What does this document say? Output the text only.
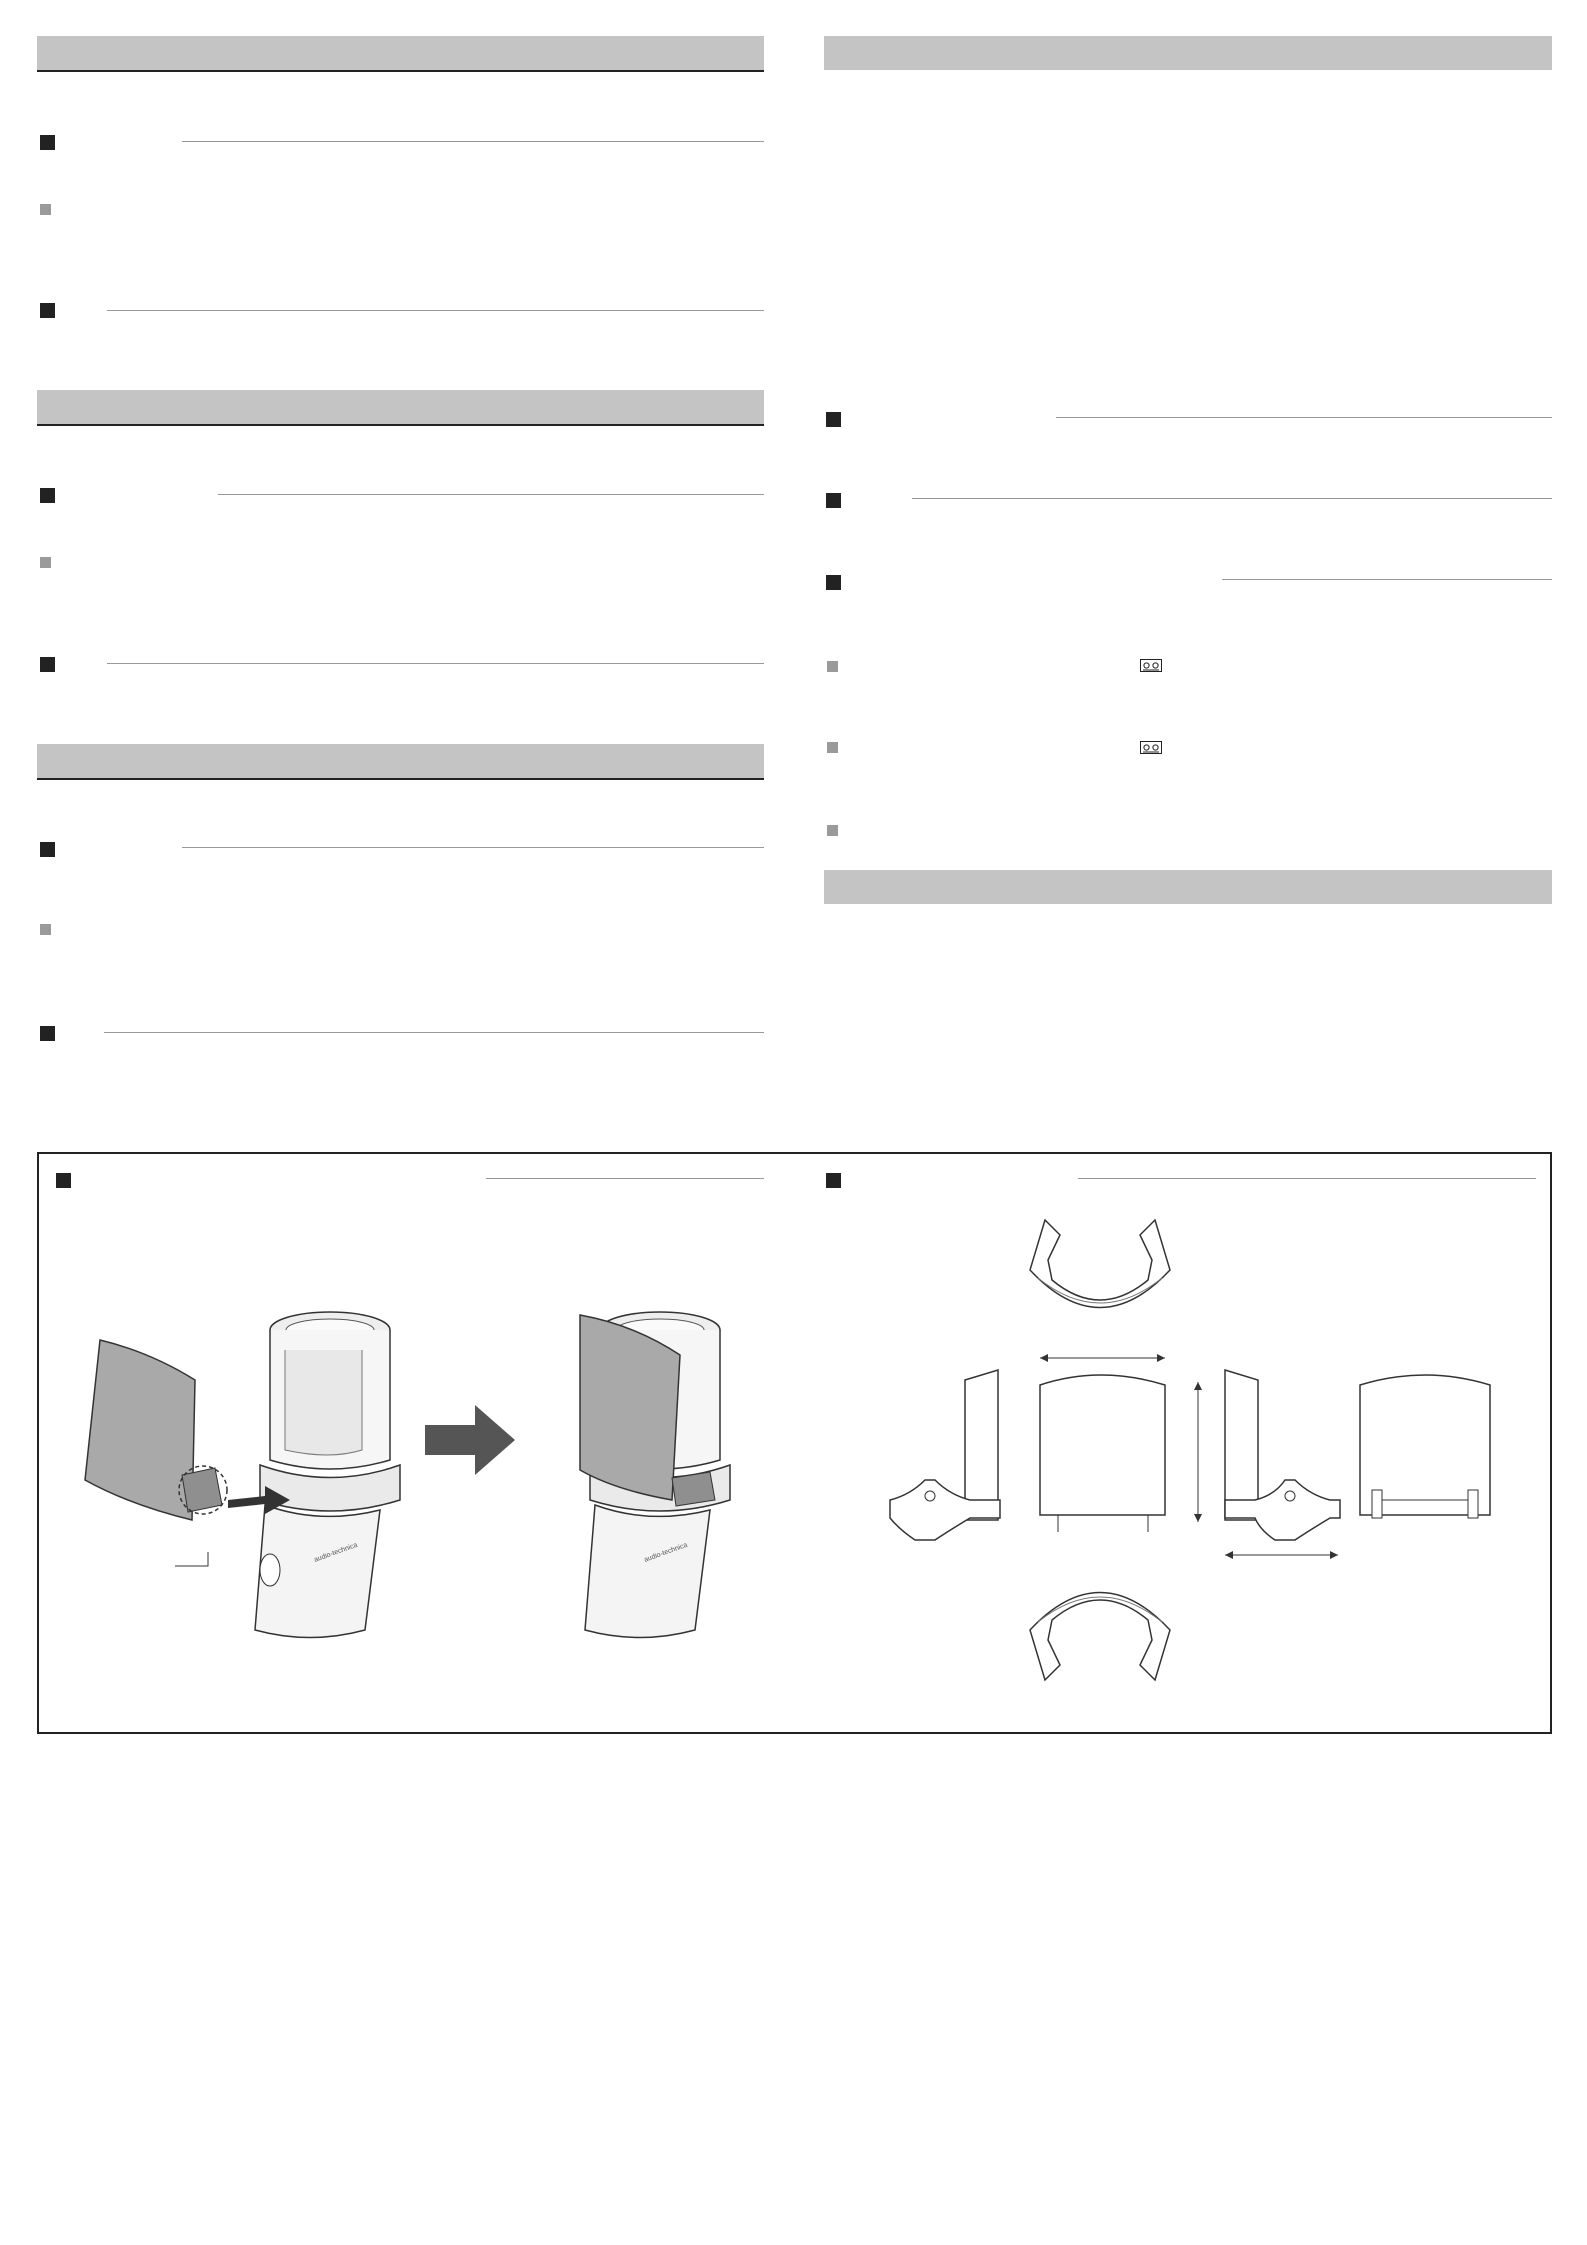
audio-technica	audio-technica
